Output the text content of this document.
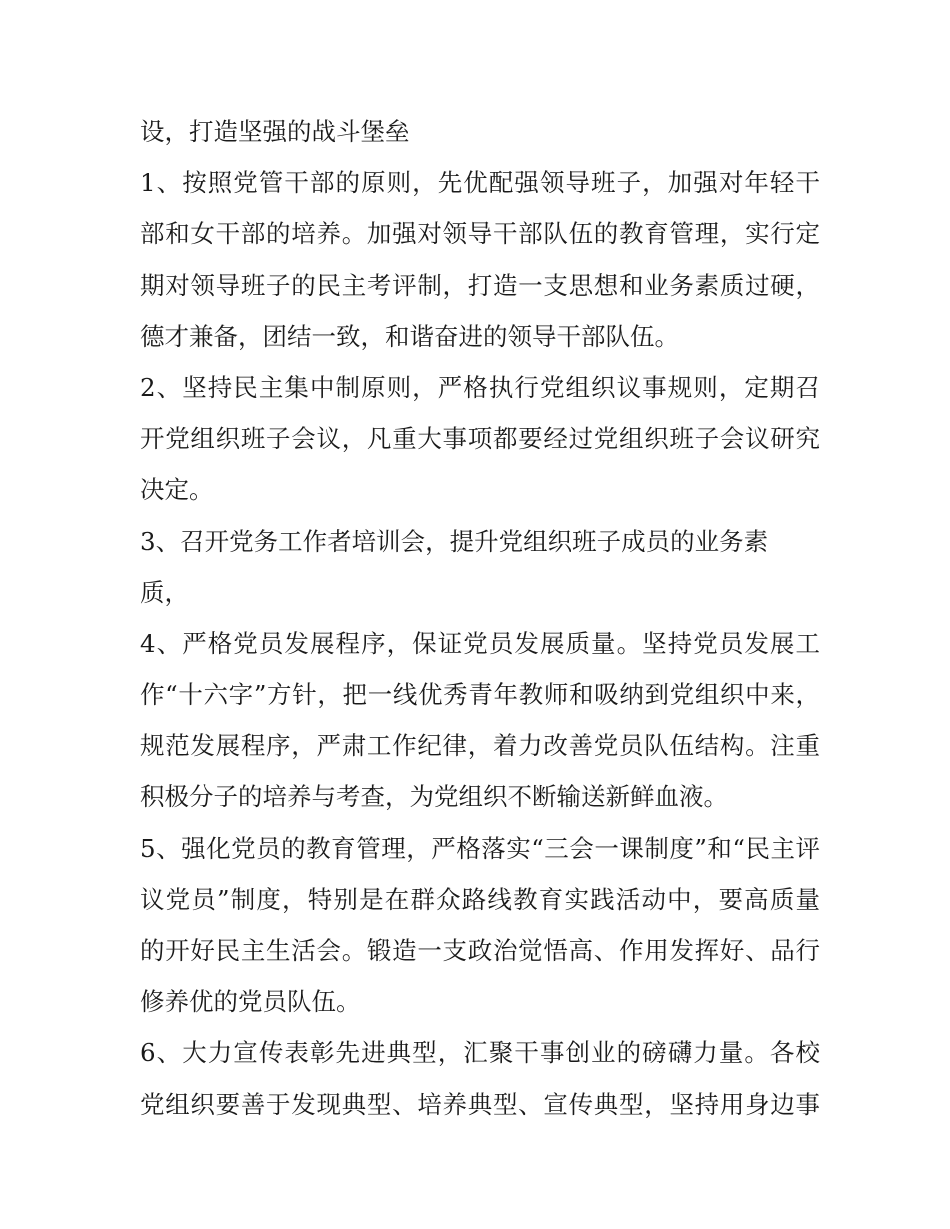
设，打造坚强的战斗堡垒
1、按照党管干部的原则，先优配强领导班子，加强对年轻干
部和女干部的培养。加强对领导干部队伍的教育管理，实行定
期对领导班子的民主考评制，打造一支思想和业务素质过硬，
德才兼备，团结一致，和谐奋进的领导干部队伍。
2、坚持民主集中制原则，严格执行党组织议事规则，定期召
开党组织班子会议，凡重大事项都要经过党组织班子会议研究
决定。
3、召开党务工作者培训会，提升党组织班子成员的业务素
质，
4、严格党员发展程序，保证党员发展质量。坚持党员发展工
作“十六字”方针，把一线优秀青年教师和吸纳到党组织中来，
规范发展程序，严肃工作纪律，着力改善党员队伍结构。注重
积极分子的培养与考查，为党组织不断输送新鲜血液。
5、强化党员的教育管理，严格落实“三会一课制度”和“民主评
议党员”制度，特别是在群众路线教育实践活动中，要高质量
的开好民主生活会。锻造一支政治觉悟高、作用发挥好、品行
修养优的党员队伍。
6、大力宣传表彰先进典型，汇聚干事创业的磅礴力量。各校
党组织要善于发现典型、培养典型、宣传典型，坚持用身边事
